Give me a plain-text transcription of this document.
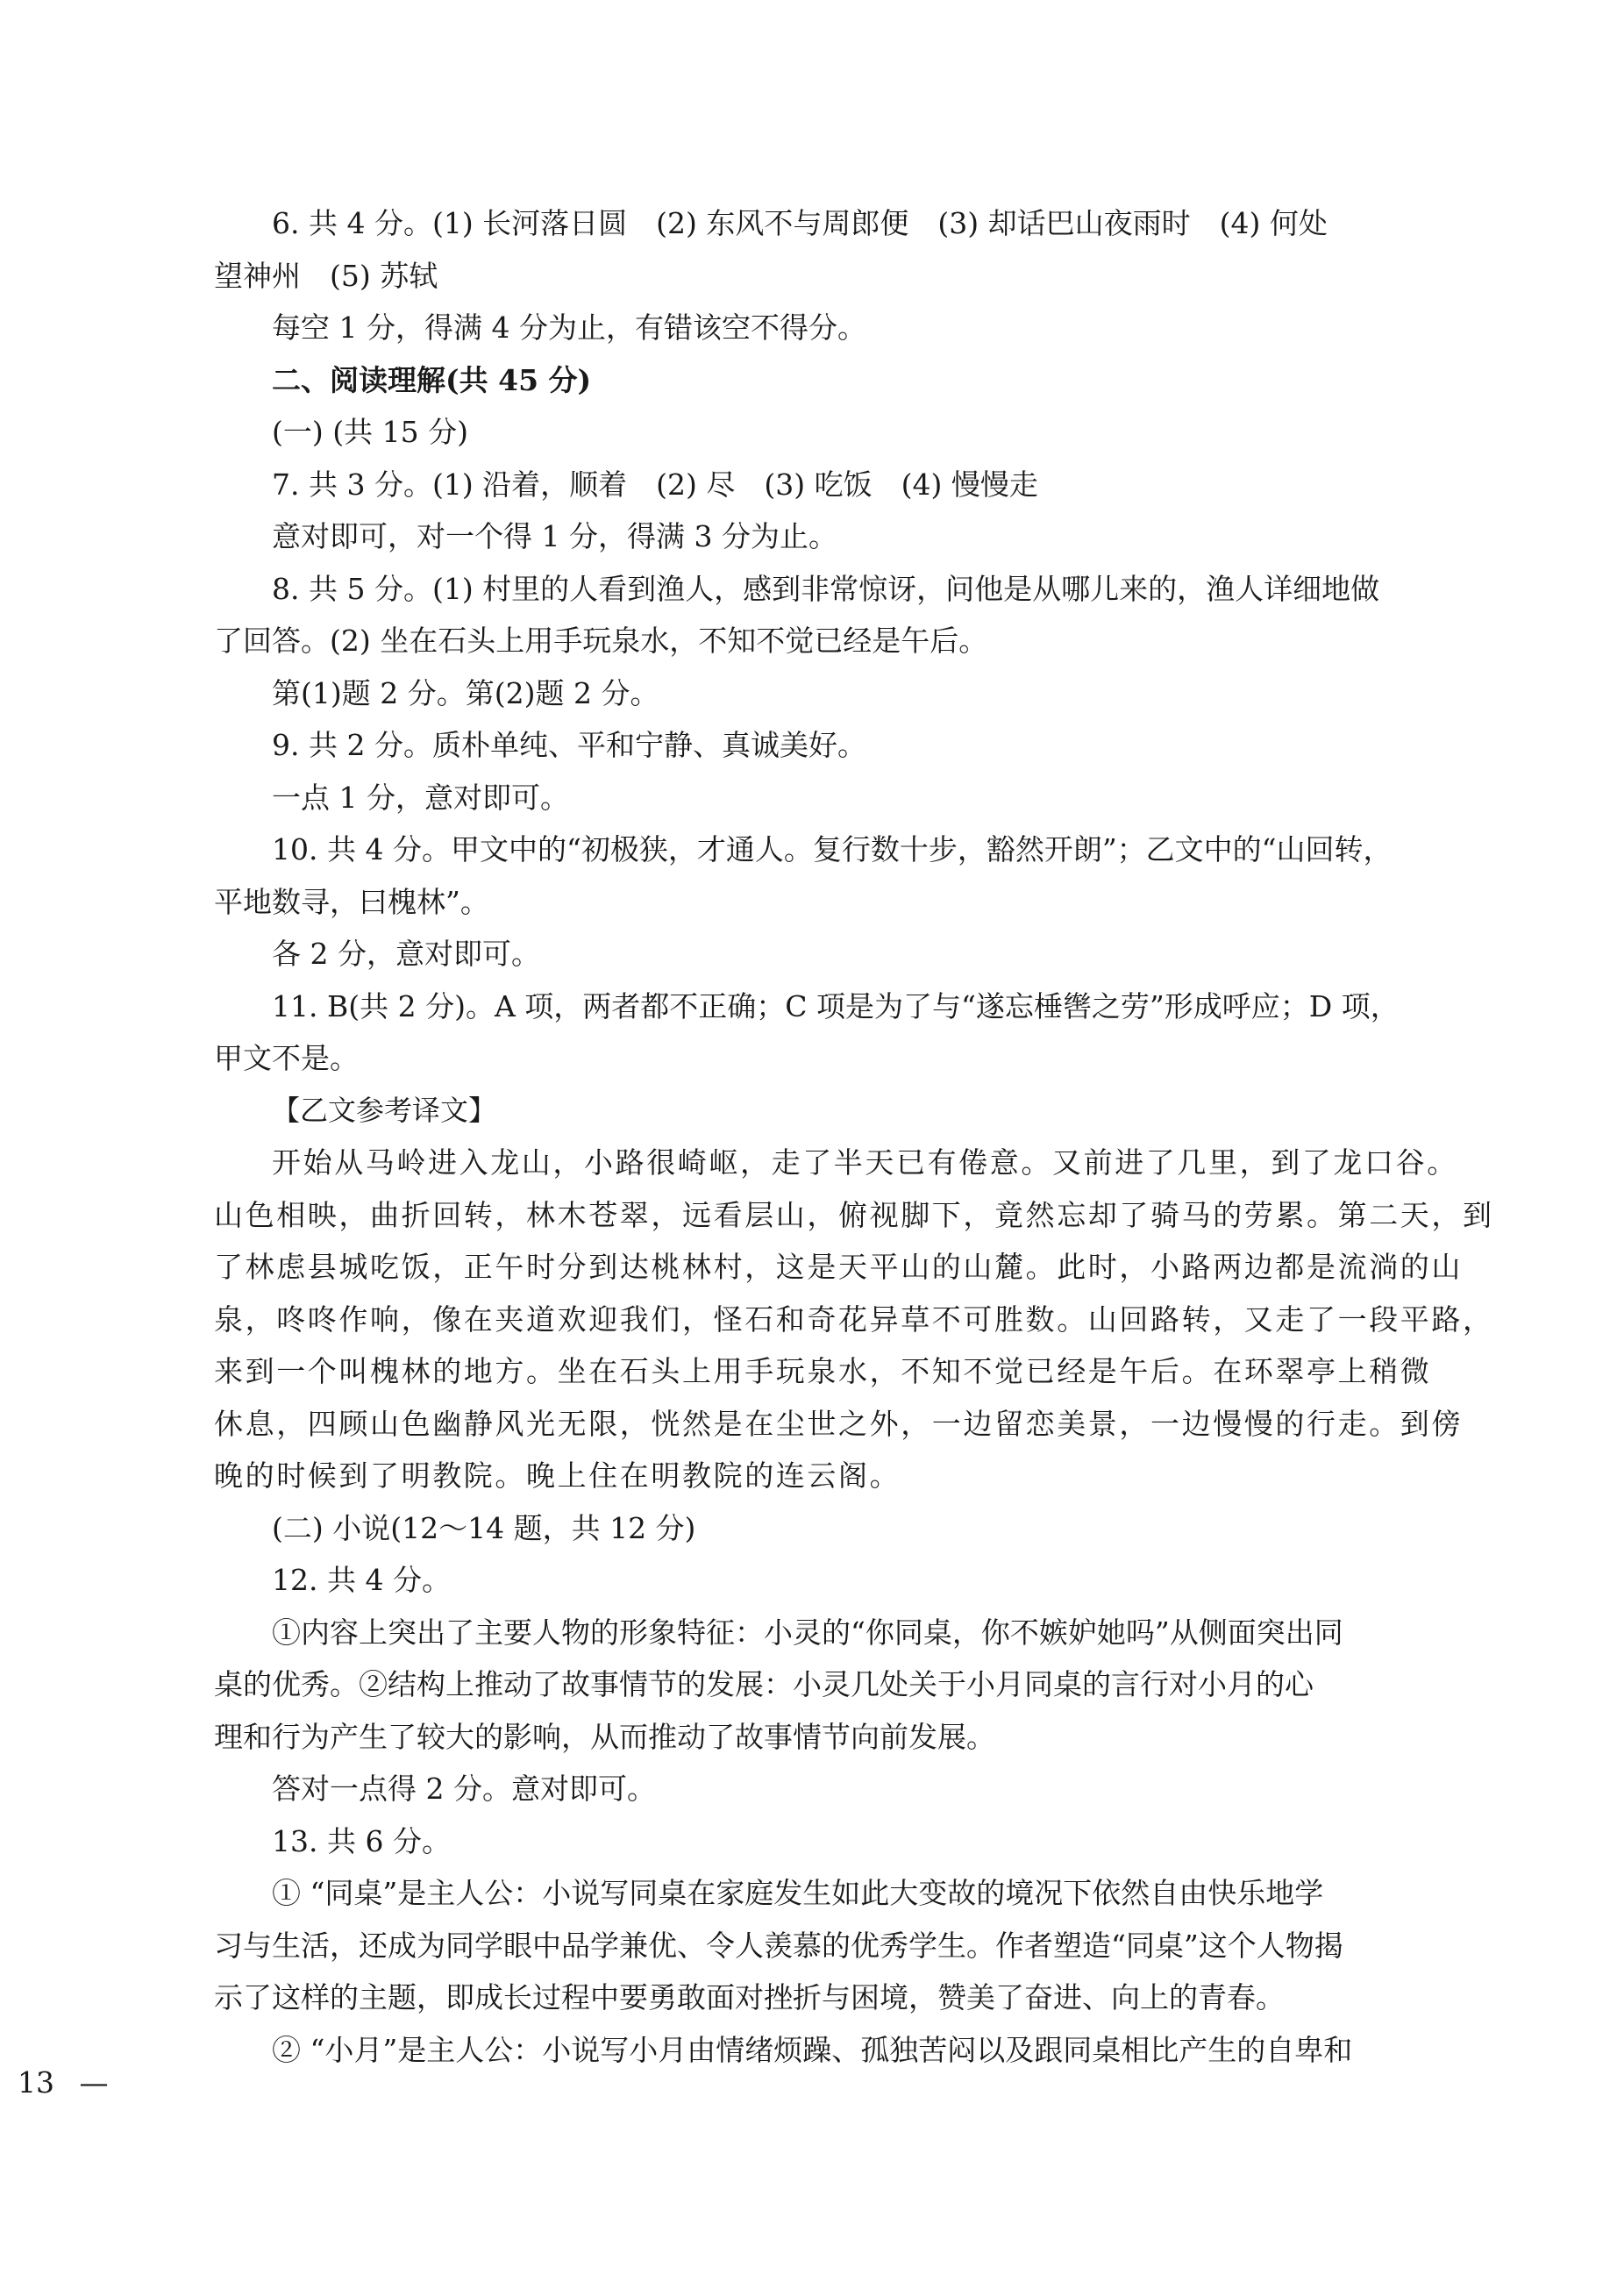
6. 共 4 分。(1) 长河落日圆　(2) 东风不与周郎便　(3) 却话巴山夜雨时　(4) 何处
望神州　(5) 苏轼
每空 1 分，得满 4 分为止，有错该空不得分。
二、阅读理解(共 45 分)
(一) (共 15 分)
7. 共 3 分。(1) 沿着，顺着　(2) 尽　(3) 吃饭　(4) 慢慢走
意对即可，对一个得 1 分，得满 3 分为止。
8. 共 5 分。(1) 村里的人看到渔人，感到非常惊讶，问他是从哪儿来的，渔人详细地做
了回答。(2) 坐在石头上用手玩泉水，不知不觉已经是午后。
第(1)题 2 分。第(2)题 2 分。
9. 共 2 分。质朴单纯、平和宁静、真诚美好。
一点 1 分，意对即可。
10. 共 4 分。甲文中的“初极狭，才通人。复行数十步，豁然开朗”；乙文中的“山回转，
平地数寻，曰槐林”。
各 2 分，意对即可。
11. B(共 2 分)。A 项，两者都不正确；C 项是为了与“遂忘棰辔之劳”形成呼应；D 项，
甲文不是。
【乙文参考译文】
开始从马岭进入龙山，小路很崎岖，走了半天已有倦意。又前进了几里，到了龙口谷。
山色相映，曲折回转，林木苍翠，远看层山，俯视脚下，竟然忘却了骑马的劳累。第二天，到
了林虑县城吃饭，正午时分到达桃林村，这是天平山的山麓。此时，小路两边都是流淌的山
泉，咚咚作响，像在夹道欢迎我们，怪石和奇花异草不可胜数。山回路转，又走了一段平路，
来到一个叫槐林的地方。坐在石头上用手玩泉水，不知不觉已经是午后。在环翠亭上稍微
休息，四顾山色幽静风光无限，恍然是在尘世之外，一边留恋美景，一边慢慢的行走。到傍
晚的时候到了明教院。晚上住在明教院的连云阁。
(二) 小说(12～14 题，共 12 分)
12. 共 4 分。
①内容上突出了主要人物的形象特征：小灵的“你同桌，你不嫉妒她吗”从侧面突出同
桌的优秀。②结构上推动了故事情节的发展：小灵几处关于小月同桌的言行对小月的心
理和行为产生了较大的影响，从而推动了故事情节向前发展。
答对一点得 2 分。意对即可。
13. 共 6 分。
① “同桌”是主人公：小说写同桌在家庭发生如此大变故的境况下依然自由快乐地学
习与生活，还成为同学眼中品学兼优、令人羡慕的优秀学生。作者塑造“同桌”这个人物揭
示了这样的主题，即成长过程中要勇敢面对挫折与困境，赞美了奋进、向上的青春。
② “小月”是主人公：小说写小月由情绪烦躁、孤独苦闷以及跟同桌相比产生的自卑和
13 —
